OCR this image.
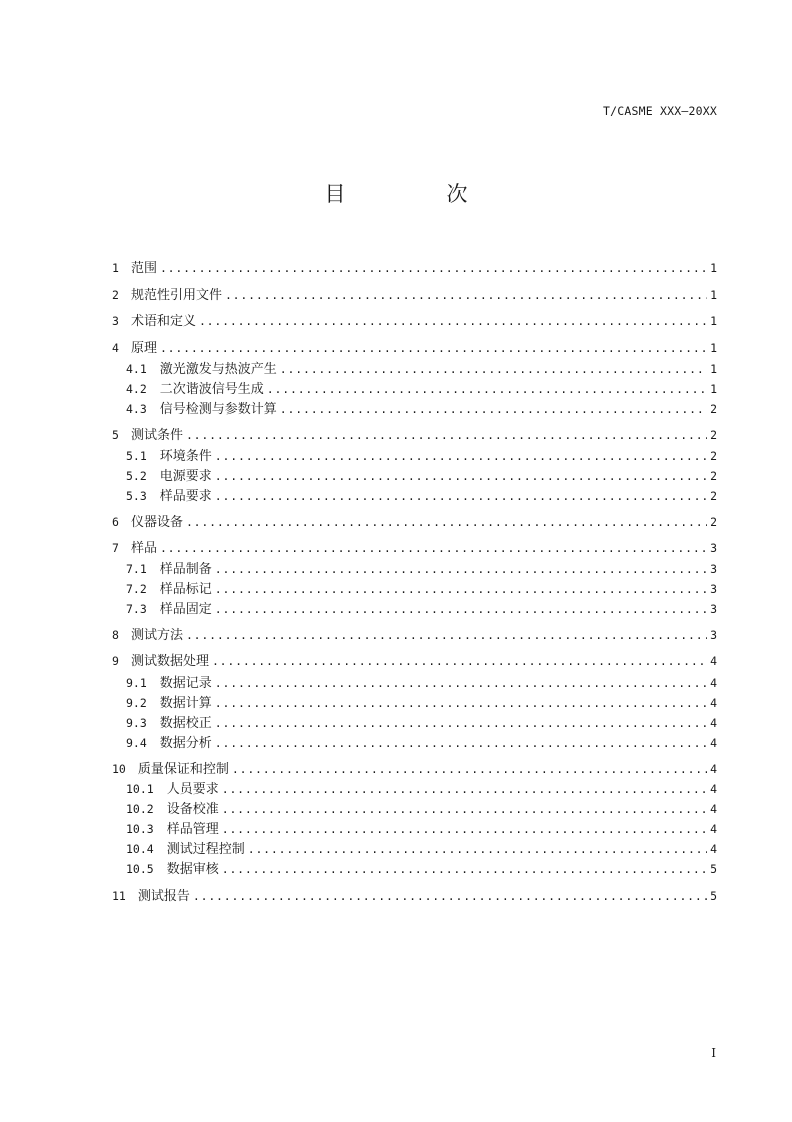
T/CASME XXX—20XX
目　次
1 范围 .....	1
2 规范性引用文件 .....	1
3 术语和定义 .....	1
4 原理 .....	1
4.1 激光激发与热波产生 .....	1
4.2 二次谐波信号生成 .....	1
4.3 信号检测与参数计算 .....	2
5 测试条件 .....	2
5.1 环境条件 .....	2
5.2 电源要求 .....	2
5.3 样品要求 .....	2
6 仪器设备 .....	2
7 样品 .....	3
7.1 样品制备 .....	3
7.2 样品标记 .....	3
7.3 样品固定 .....	3
8 测试方法 .....	3
9 测试数据处理 .....	4
9.1 数据记录 .....	4
9.2 数据计算 .....	4
9.3 数据校正 .....	4
9.4 数据分析 .....	4
10 质量保证和控制 .....	4
10.1 人员要求 .....	4
10.2 设备校准 .....	4
10.3 样品管理 .....	4
10.4 测试过程控制 .....	4
10.5 数据审核 .....	5
11 测试报告 .....	5
I
